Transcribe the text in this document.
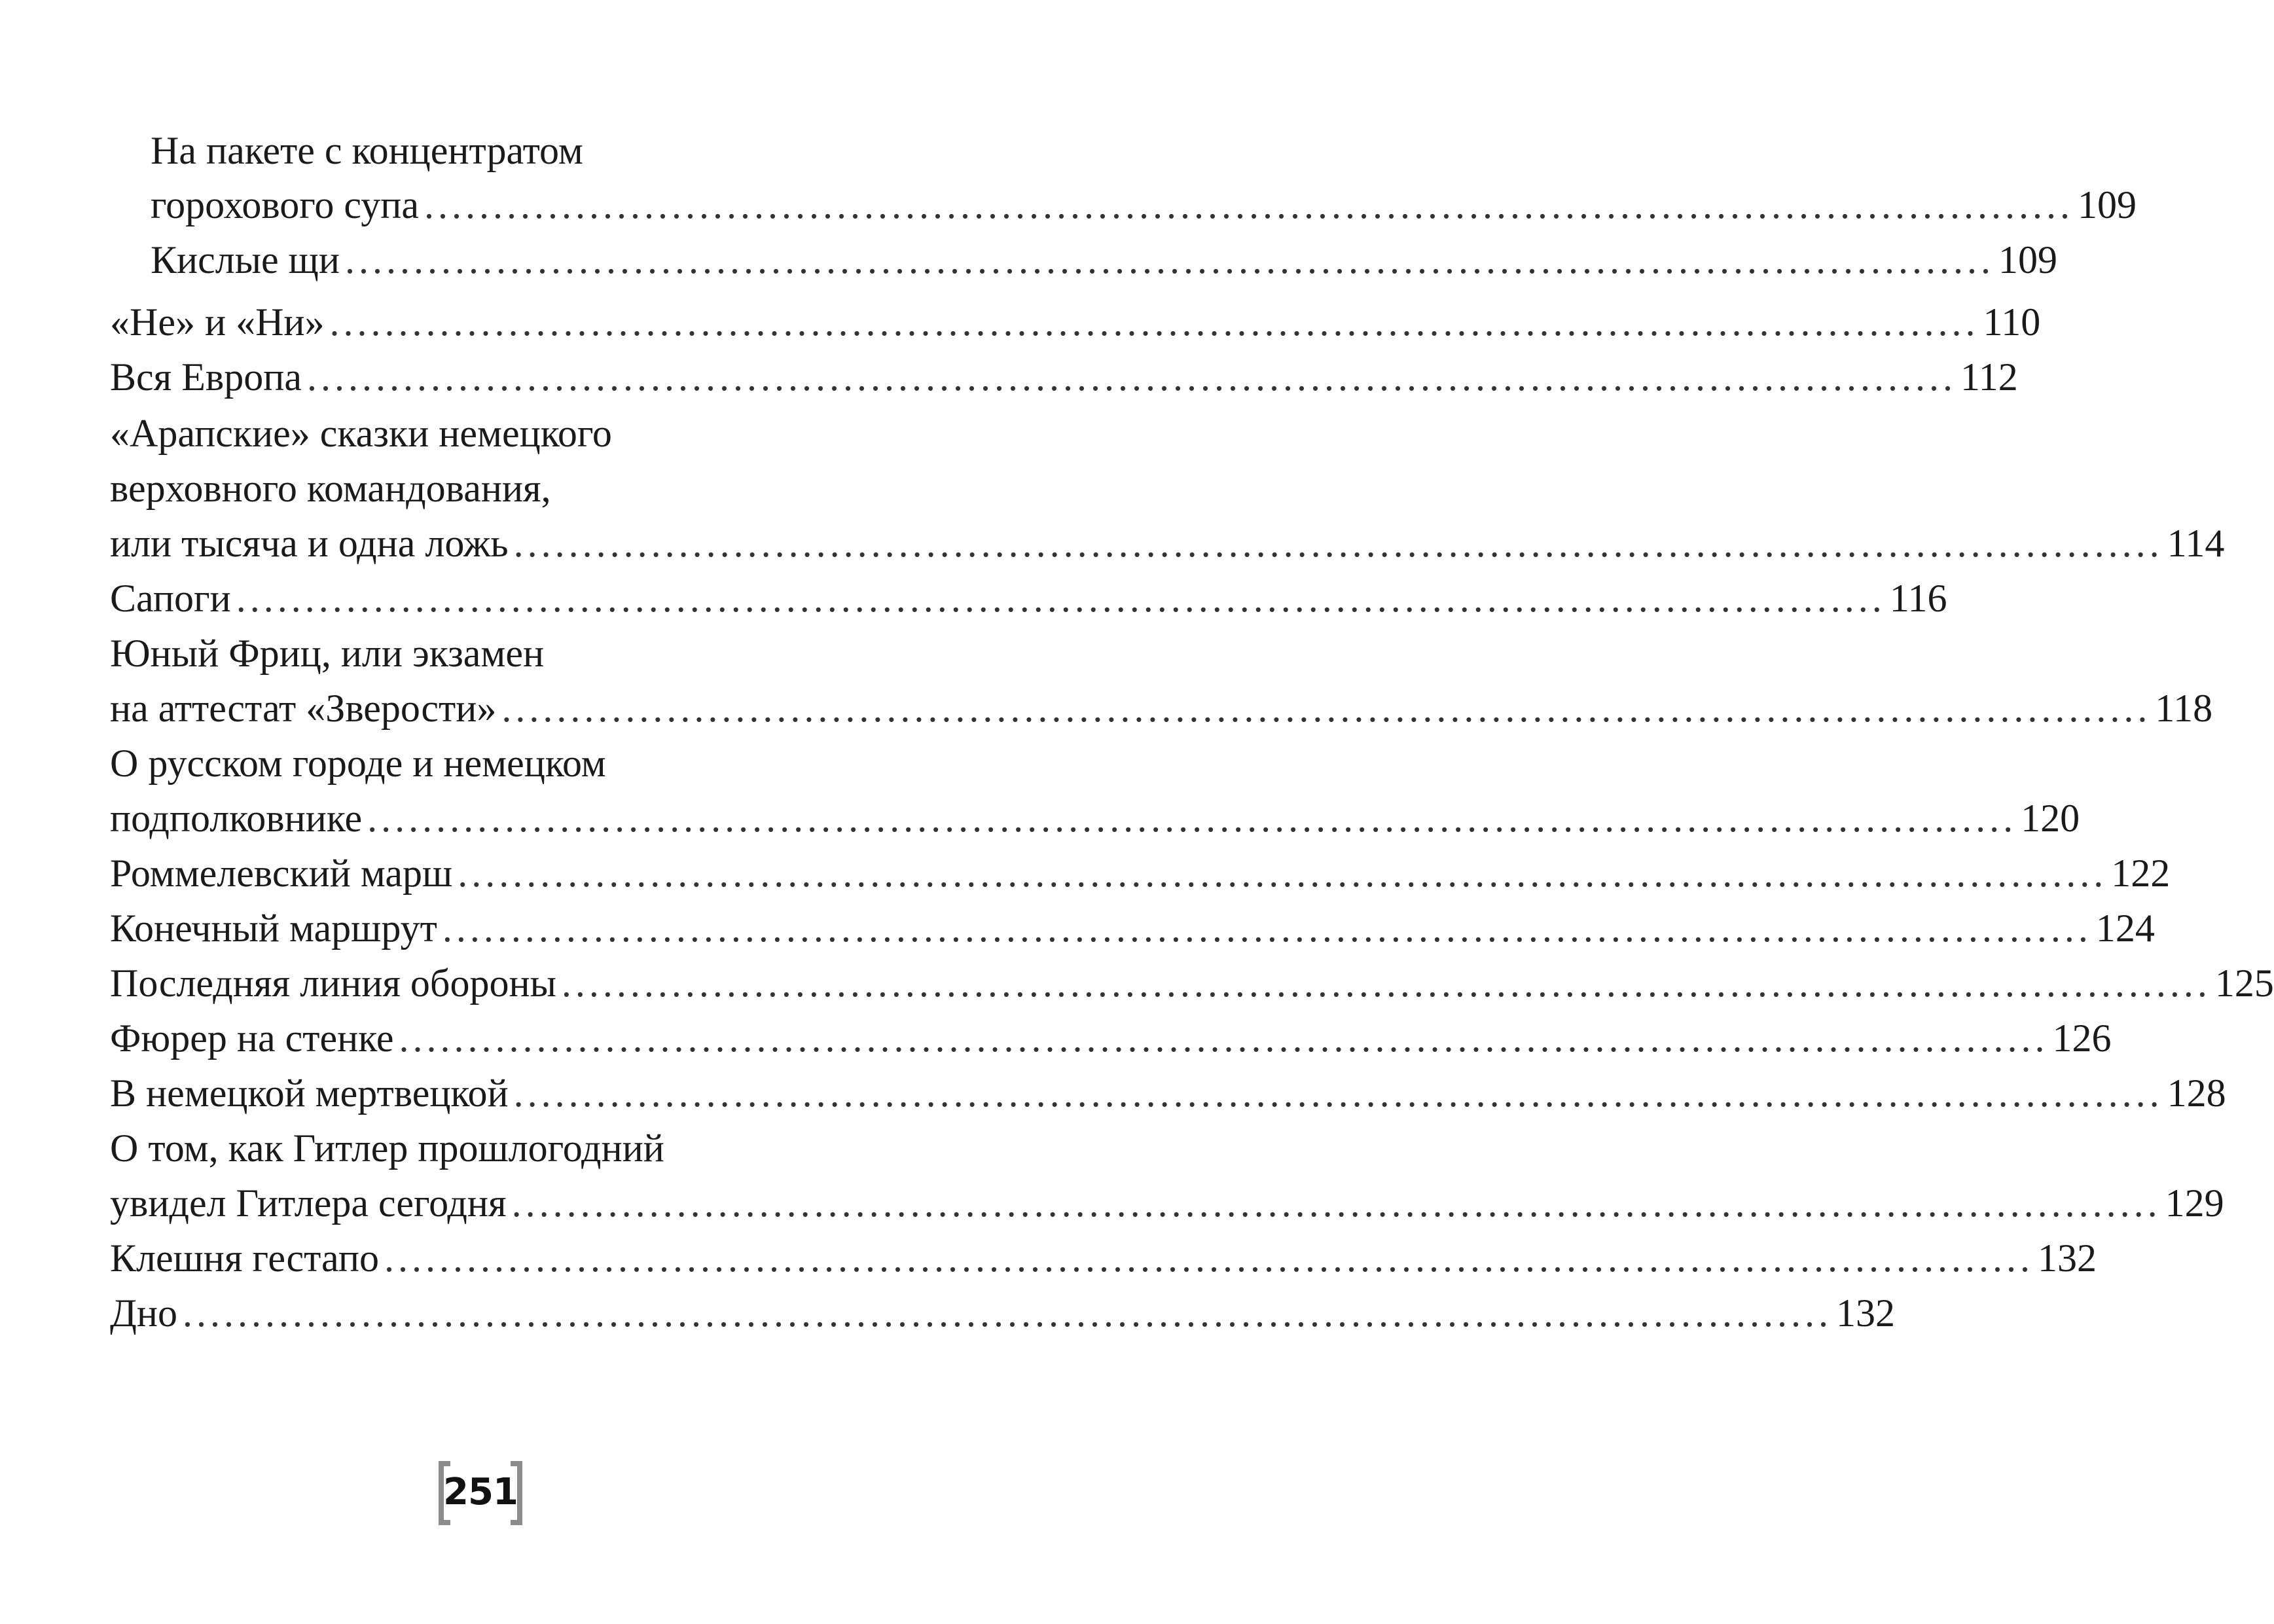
На пакете с концентратом
горохового супа ........................................................................................................................ 109
Кислые щи ........................................................................................................................ 109
«Не» и «Ни» ........................................................................................................................ 110
Вся Европа ........................................................................................................................ 112
«Арапские» сказки немецкого
верховного командования,
или тысяча и одна ложь ........................................................................................................................ 114
Сапоги ........................................................................................................................ 116
Юный Фриц, или экзамен
на аттестат «Зверости» ........................................................................................................................ 118
О русском городе и немецком
подполковнике ........................................................................................................................ 120
Роммелевский марш ........................................................................................................................ 122
Конечный маршрут ........................................................................................................................ 124
Последняя линия обороны ........................................................................................................................ 125
Фюрер на стенке ........................................................................................................................ 126
В немецкой мертвецкой ........................................................................................................................ 128
О том, как Гитлер прошлогодний
увидел Гитлера сегодня ........................................................................................................................ 129
Клешня гестапо ........................................................................................................................ 132
Дно ........................................................................................................................ 132
251
